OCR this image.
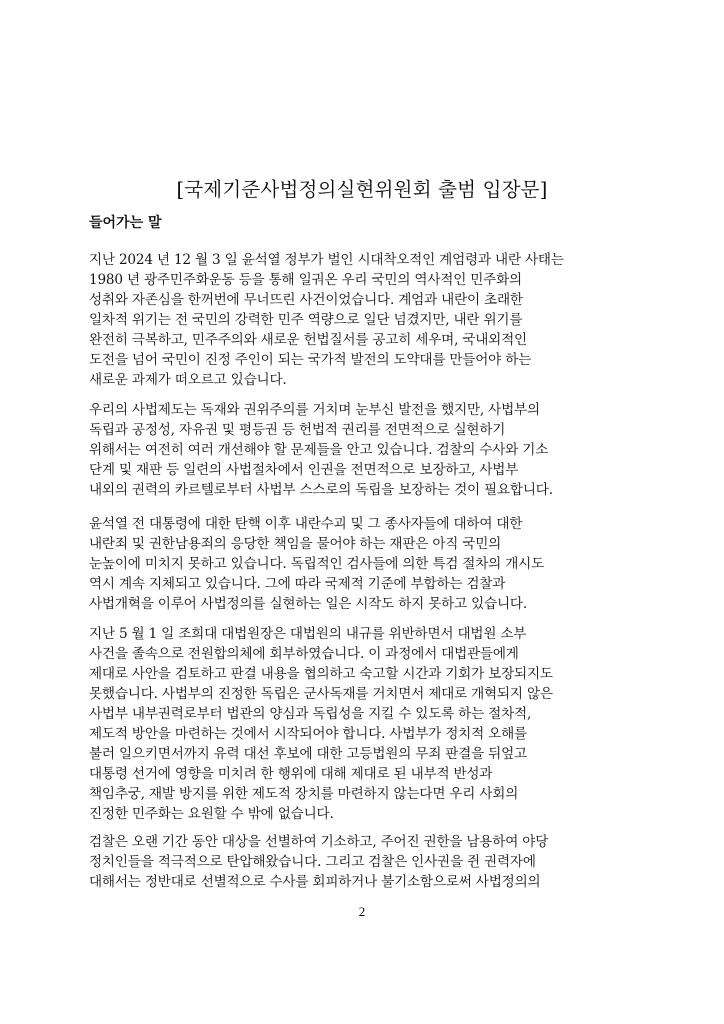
[국제기준사법정의실현위원회 출범 입장문]
들어가는 말
지난 2024 년 12 월 3 일 윤석열 정부가 벌인 시대착오적인 계엄령과 내란 사태는
1980 년 광주민주화운동 등을 통해 일궈온 우리 국민의 역사적인 민주화의
성취와 자존심을 한꺼번에 무너뜨린 사건이었습니다. 계엄과 내란이 초래한
일차적 위기는 전 국민의 강력한 민주 역량으로 일단 넘겼지만, 내란 위기를
완전히 극복하고, 민주주의와 새로운 헌법질서를 공고히 세우며, 국내외적인
도전을 넘어 국민이 진정 주인이 되는 국가적 발전의 도약대를 만들어야 하는
새로운 과제가 떠오르고 있습니다.
우리의 사법제도는 독재와 권위주의를 거치며 눈부신 발전을 했지만, 사법부의
독립과 공정성, 자유권 및 평등권 등 헌법적 권리를 전면적으로 실현하기
위해서는 여전히 여러 개선해야 할 문제들을 안고 있습니다. 검찰의 수사와 기소
단계 및 재판 등 일련의 사법절차에서 인권을 전면적으로 보장하고, 사법부
내외의 권력의 카르텔로부터 사법부 스스로의 독립을 보장하는 것이 필요합니다.
윤석열 전 대통령에 대한 탄핵 이후 내란수괴 및 그 종사자들에 대하여 대한
내란죄 및 권한남용죄의 응당한 책임을 물어야 하는 재판은 아직 국민의
눈높이에 미치지 못하고 있습니다. 독립적인 검사들에 의한 특검 절차의 개시도
역시 계속 지체되고 있습니다. 그에 따라 국제적 기준에 부합하는 검찰과
사법개혁을 이루어 사법정의를 실현하는 일은 시작도 하지 못하고 있습니다.
지난 5 월 1 일 조희대 대법원장은 대법원의 내규를 위반하면서 대법원 소부
사건을 졸속으로 전원합의체에 회부하였습니다. 이 과정에서 대법관들에게
제대로 사안을 검토하고 판결 내용을 협의하고 숙고할 시간과 기회가 보장되지도
못했습니다. 사법부의 진정한 독립은 군사독재를 거치면서 제대로 개혁되지 않은
사법부 내부권력로부터 법관의 양심과 독립성을 지킬 수 있도록 하는 절차적,
제도적 방안을 마련하는 것에서 시작되어야 합니다. 사법부가 정치적 오해를
불러 일으키면서까지 유력 대선 후보에 대한 고등법원의 무죄 판결을 뒤엎고
대통령 선거에 영향을 미치려 한 행위에 대해 제대로 된 내부적 반성과
책임추궁, 재발 방지를 위한 제도적 장치를 마련하지 않는다면 우리 사회의
진정한 민주화는 요원할 수 밖에 없습니다.
검찰은 오랜 기간 동안 대상을 선별하여 기소하고, 주어진 권한을 남용하여 야당
정치인들을 적극적으로 탄압해왔습니다. 그리고 검찰은 인사권을 쥔 권력자에
대해서는 정반대로 선별적으로 수사를 회피하거나 불기소함으로써 사법정의의
2
